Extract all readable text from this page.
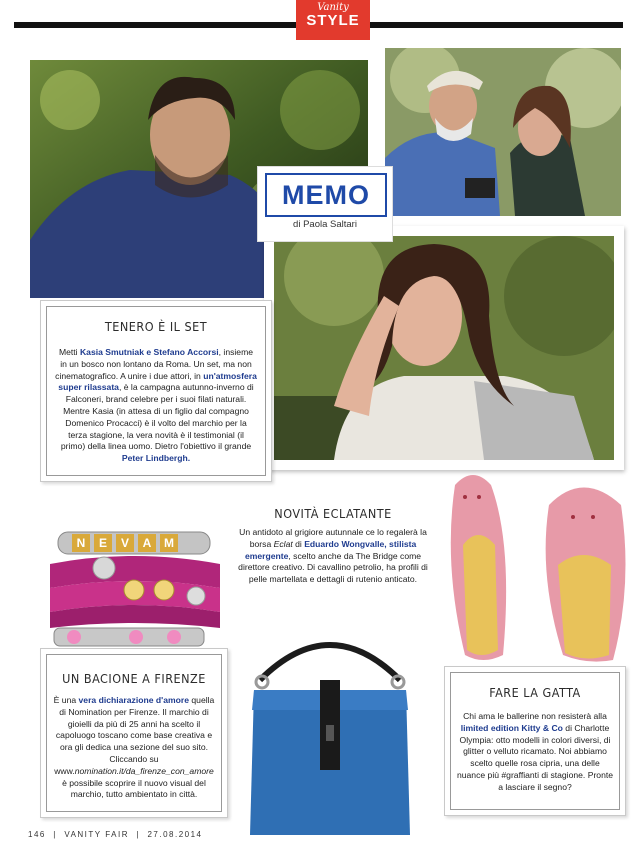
Vanity
STYLE
MEMO
di Paola Saltari
TENERO È IL SET
Metti Kasia Smutniak e Stefano Accorsi, insieme in un bosco non lontano da Roma. Un set, ma non cinematografico. A unire i due attori, in un'atmosfera super rilassata, è la campagna autunno-inverno di Falconeri, brand celebre per i suoi filati naturali. Mentre Kasia (in attesa di un figlio dal compagno Domenico Procacci) è il volto del marchio per la terza stagione, la vera novità è il testimonial (il primo) della linea uomo. Dietro l'obiettivo il grande Peter Lindbergh.
NOVITÀ ECLATANTE
Un antidoto al grigiore autunnale ce lo regalerà la borsa Eclat di Eduardo Wongvalle, stilista emergente, scelto anche da The Bridge come direttore creativo. Di cavallino petrolio, ha profili di pelle martellata e dettagli di rutenio anticato.
N	E	V	A	M
UN BACIONE A FIRENZE
È una vera dichiarazione d'amore quella di Nomination per Firenze. Il marchio di gioielli da più di 25 anni ha scelto il capoluogo toscano come base creativa e ora gli dedica una sezione del suo sito. Cliccando su www.nomination.it/da_firenze_con_amore è possibile scoprire il nuovo visual del marchio, tutto ambientato in città.
FARE LA GATTA
Chi ama le ballerine non resisterà alla limited edition Kitty & Co di Charlotte Olympia: otto modelli in colori diversi, di glitter o velluto ricamato. Noi abbiamo scelto quelle rosa cipria, una delle nuance più #graffianti di stagione. Pronte a lasciare il segno?
146  |  VANITY FAIR  |  27.08.2014
